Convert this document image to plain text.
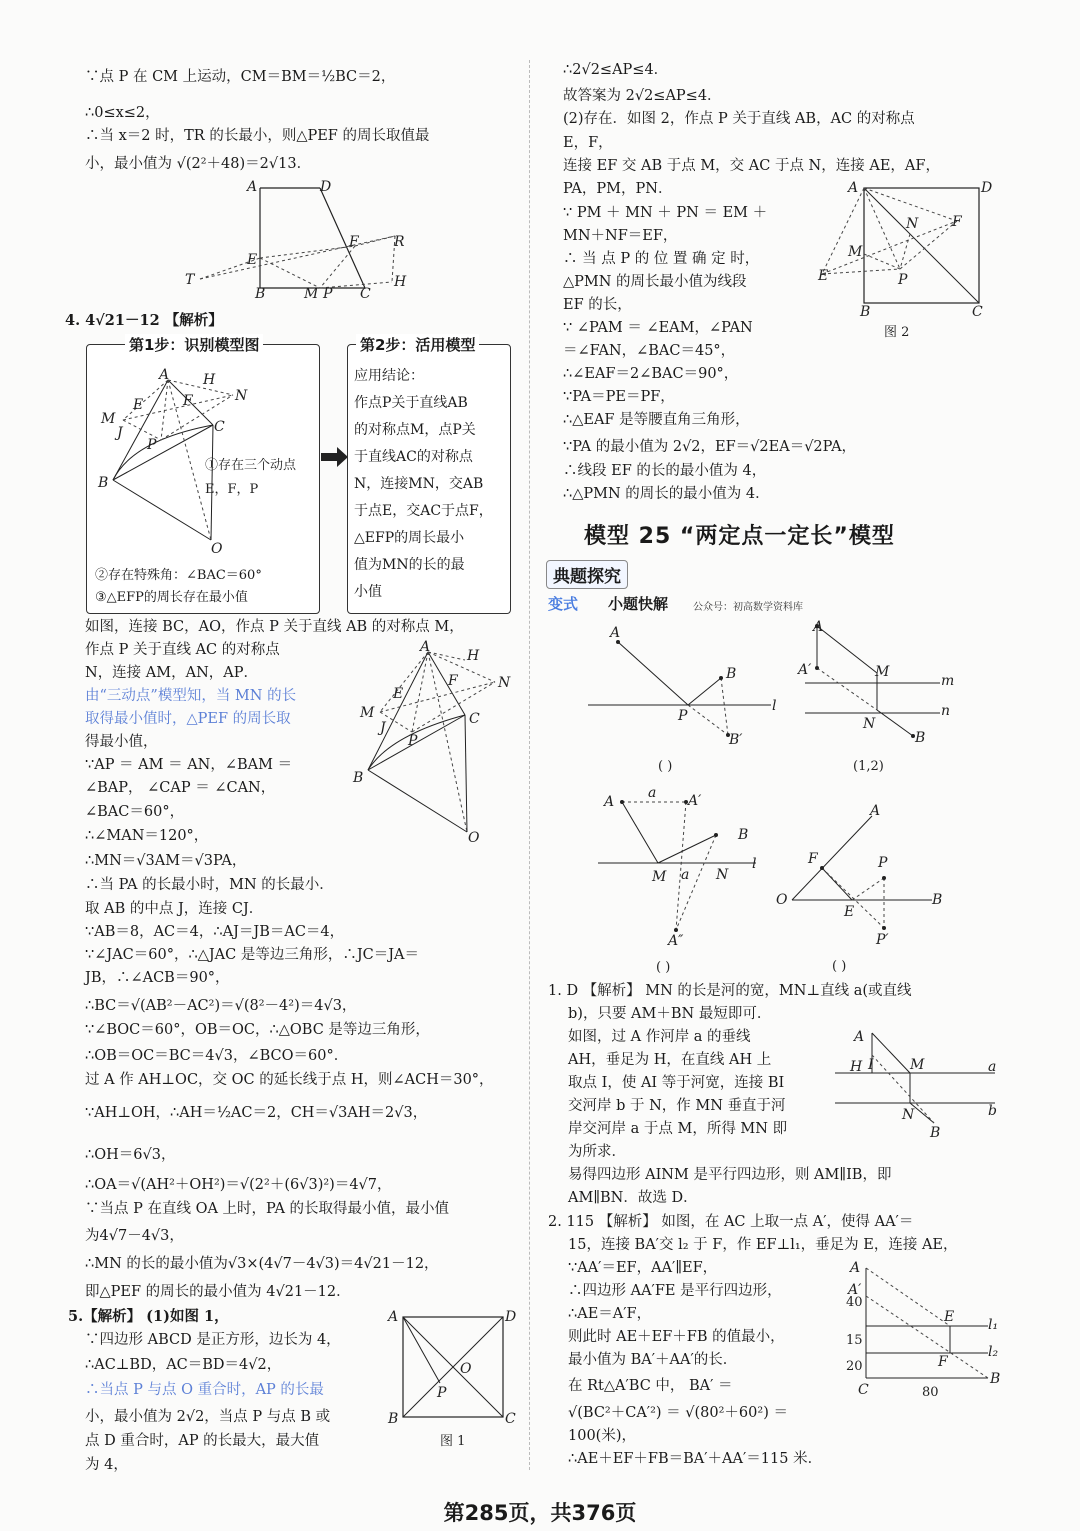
∵点 P 在 CM 上运动，CM＝BM＝½BC＝2，
∴0≤x≤2，
∴当 x＝2 时，TR 的长最小，则△PEF 的周长取值最
小，最小值为 √(2²＋48)＝2√13．
A	D
E
F	R
T
B	M P C
H
4. 4√21－12 【解析】
第1步：识别模型图
A H
N
E	F
M
J
P
C
B
O
①存在三个动点
E，F，P
②存在特殊角：∠BAC＝60°
③△EFP的周长存在最小值
第2步：活用模型
应用结论：
作点P关于直线AB
的对称点M，点P关
于直线AC的对称点
N，连接MN，交AB
于点E，交AC于点F，
△EFP的周长最小
值为MN的长的最
小值
如图，连接 BC，AO，作点 P 关于直线 AB 的对称点 M，
作点 P 关于直线 AC 的对称点
N，连接 AM，AN，AP．
由“三动点”模型知，当 MN 的长
取得最小值时，△PEF 的周长取
得最小值，
∵AP ＝ AM ＝ AN，∠BAM ＝
∠BAP， ∠CAP ＝ ∠CAN，
∠BAC＝60°，
∴∠MAN＝120°，
A
H
N
E
F
M
J
P
C
B
O
∴MN＝√3AM＝√3PA，
∴当 PA 的长最小时，MN 的长最小．
取 AB 的中点 J，连接 CJ．
∵AB＝8，AC＝4，∴AJ＝JB＝AC＝4，
∵∠JAC＝60°，∴△JAC 是等边三角形，∴JC＝JA＝
JB，∴∠ACB＝90°，
∴BC＝√(AB²－AC²)＝√(8²－4²)＝4√3，
∵∠BOC＝60°，OB＝OC，∴△OBC 是等边三角形，
∴OB＝OC＝BC＝4√3，∠BCO＝60°．
过 A 作 AH⊥OC，交 OC 的延长线于点 H，则∠ACH＝30°，
∵AH⊥OH，∴AH＝½AC＝2，CH＝√3AH＝2√3，
∴OH＝6√3，
∴OA＝√(AH²＋OH²)＝√(2²＋(6√3)²)＝4√7，
∵当点 P 在直线 OA 上时，PA 的长取得最小值，最小值
为4√7－4√3，
∴MN 的长的最小值为√3×(4√7－4√3)＝4√21－12，
即△PEF 的周长的最小值为 4√21－12．
5.【解析】 (1)如图 1，
∵四边形 ABCD 是正方形，边长为 4，
∴AC⊥BD，AC＝BD＝4√2，
∴当点 P 与点 O 重合时，AP 的长最
小，最小值为 2√2，当点 P 与点 B 或
点 D 重合时，AP 的长最大，最大值
为 4，
A	D
O
P
B	C
图 1
∴2√2≤AP≤4．
故答案为 2√2≤AP≤4．
(2)存在．如图 2，作点 P 关于直线 AB，AC 的对称点
E，F，
连接 EF 交 AB 于点 M，交 AC 于点 N，连接 AE，AF，
PA，PM，PN．
∵ PM ＋ MN ＋ PN ＝ EM ＋
MN＋NF＝EF，
∴ 当 点 P 的 位 置 确 定 时，
△PMN 的周长最小值为线段
EF 的长，
∵ ∠PAM ＝ ∠EAM，∠PAN
＝∠FAN，∠BAC＝45°，
∴∠EAF＝2∠BAC＝90°，
∵PA＝PE＝PF，
∴△EAF 是等腰直角三角形，
∵PA 的最小值为 2√2，EF＝√2EA＝√2PA，
∴线段 EF 的长的最小值为 4，
∴△PMN 的周长的最小值为 4．
A	D
N F
M
P
E
B	C
图 2
模型 25 “两定点一定长”模型
典题探究
变式 小题快解 公众号：初高数学资料库
A
B
l
P
B′
( )
A
A′	M
m
n
N
B
(1,2)
A
a A′
B
l
M a N
A″
( )
A
F	P
O
E
B
P′
( )
1. D 【解析】 MN 的长是河的宽，MN⊥直线 a(或直线
b)，只要 AM＋BN 最短即可．
如图，过 A 作河岸 a 的垂线
AH，垂足为 H，在直线 AH 上
取点 I，使 AI 等于河宽，连接 BI
交河岸 b 于 N，作 MN 垂直于河
岸交河岸 a 于点 M，所得 MN 即
为所求．
易得四边形 AINM 是平行四边形，则 AM∥IB，即
AM∥BN．故选 D．
A
H I	M	a
N	b
B
2. 115 【解析】 如图，在 AC 上取一点 A′，使得 AA′＝
15，连接 BA′交 l₂ 于 F，作 EF⊥l₁，垂足为 E，连接 AE，
∵AA′＝EF，AA′∥EF，
∴四边形 AA′FE 是平行四边形，
∴AE＝A′F，
则此时 AE＋EF＋FB 的值最小，
最小值为 BA′＋AA′的长．
在 Rt△A′BC 中， BA′ ＝
√(BC²＋CA′²) ＝ √(80²＋60²) ＝
100(米)，
∴AE＋EF＋FB＝BA′＋AA′＝115 米．
A
A′
40
15
20
E
F
l₁
l₂
B
C	80
第285页，共376页
